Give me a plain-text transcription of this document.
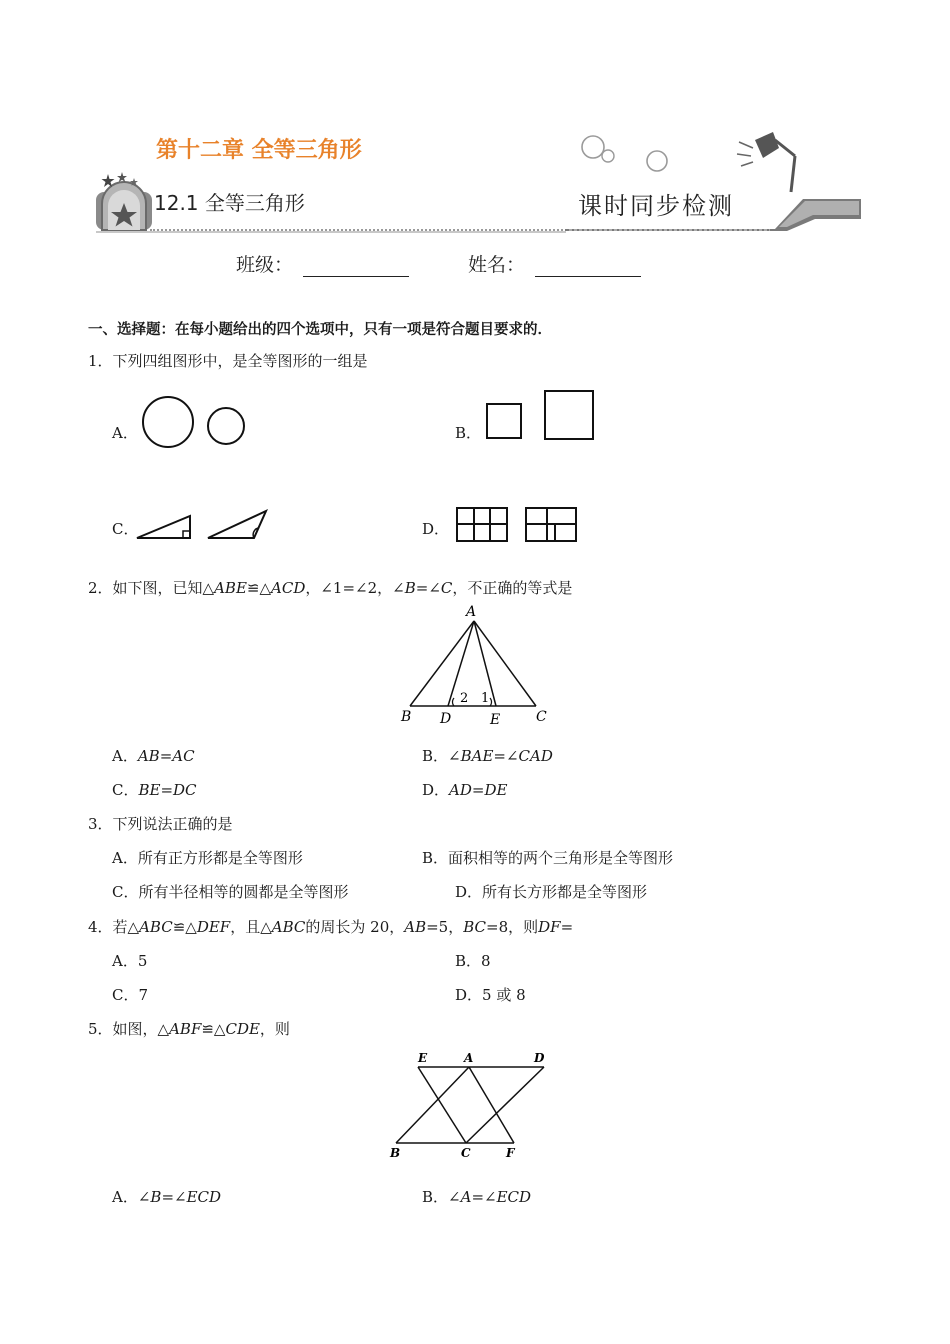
第十二章 全等三角形
12.1 全等三角形	课时同步检测
班级：	姓名：
一、选择题：在每小题给出的四个选项中，只有一项是符合题目要求的．
1．下列四组图形中，是全等图形的一组是
A．	B．
C．	D．
2．如下图，已知△ABE≌△ACD，∠1=∠2，∠B=∠C，不正确的等式是
A
B D	E	C
2 1
A．AB=AC	B．∠BAE=∠CAD
C．BE=DC	D．AD=DE
3．下列说法正确的是
A．所有正方形都是全等图形	B．面积相等的两个三角形是全等图形
C．所有半径相等的圆都是全等图形	D．所有长方形都是全等图形
4．若△ABC≌△DEF，且△ABC的周长为 20，AB=5，BC=8，则DF=
A．5	B．8
C．7	D．5 或 8
5．如图，△ABF≌△CDE，则
E	A	D
B	C	F
A．∠B=∠ECD	B．∠A=∠ECD
